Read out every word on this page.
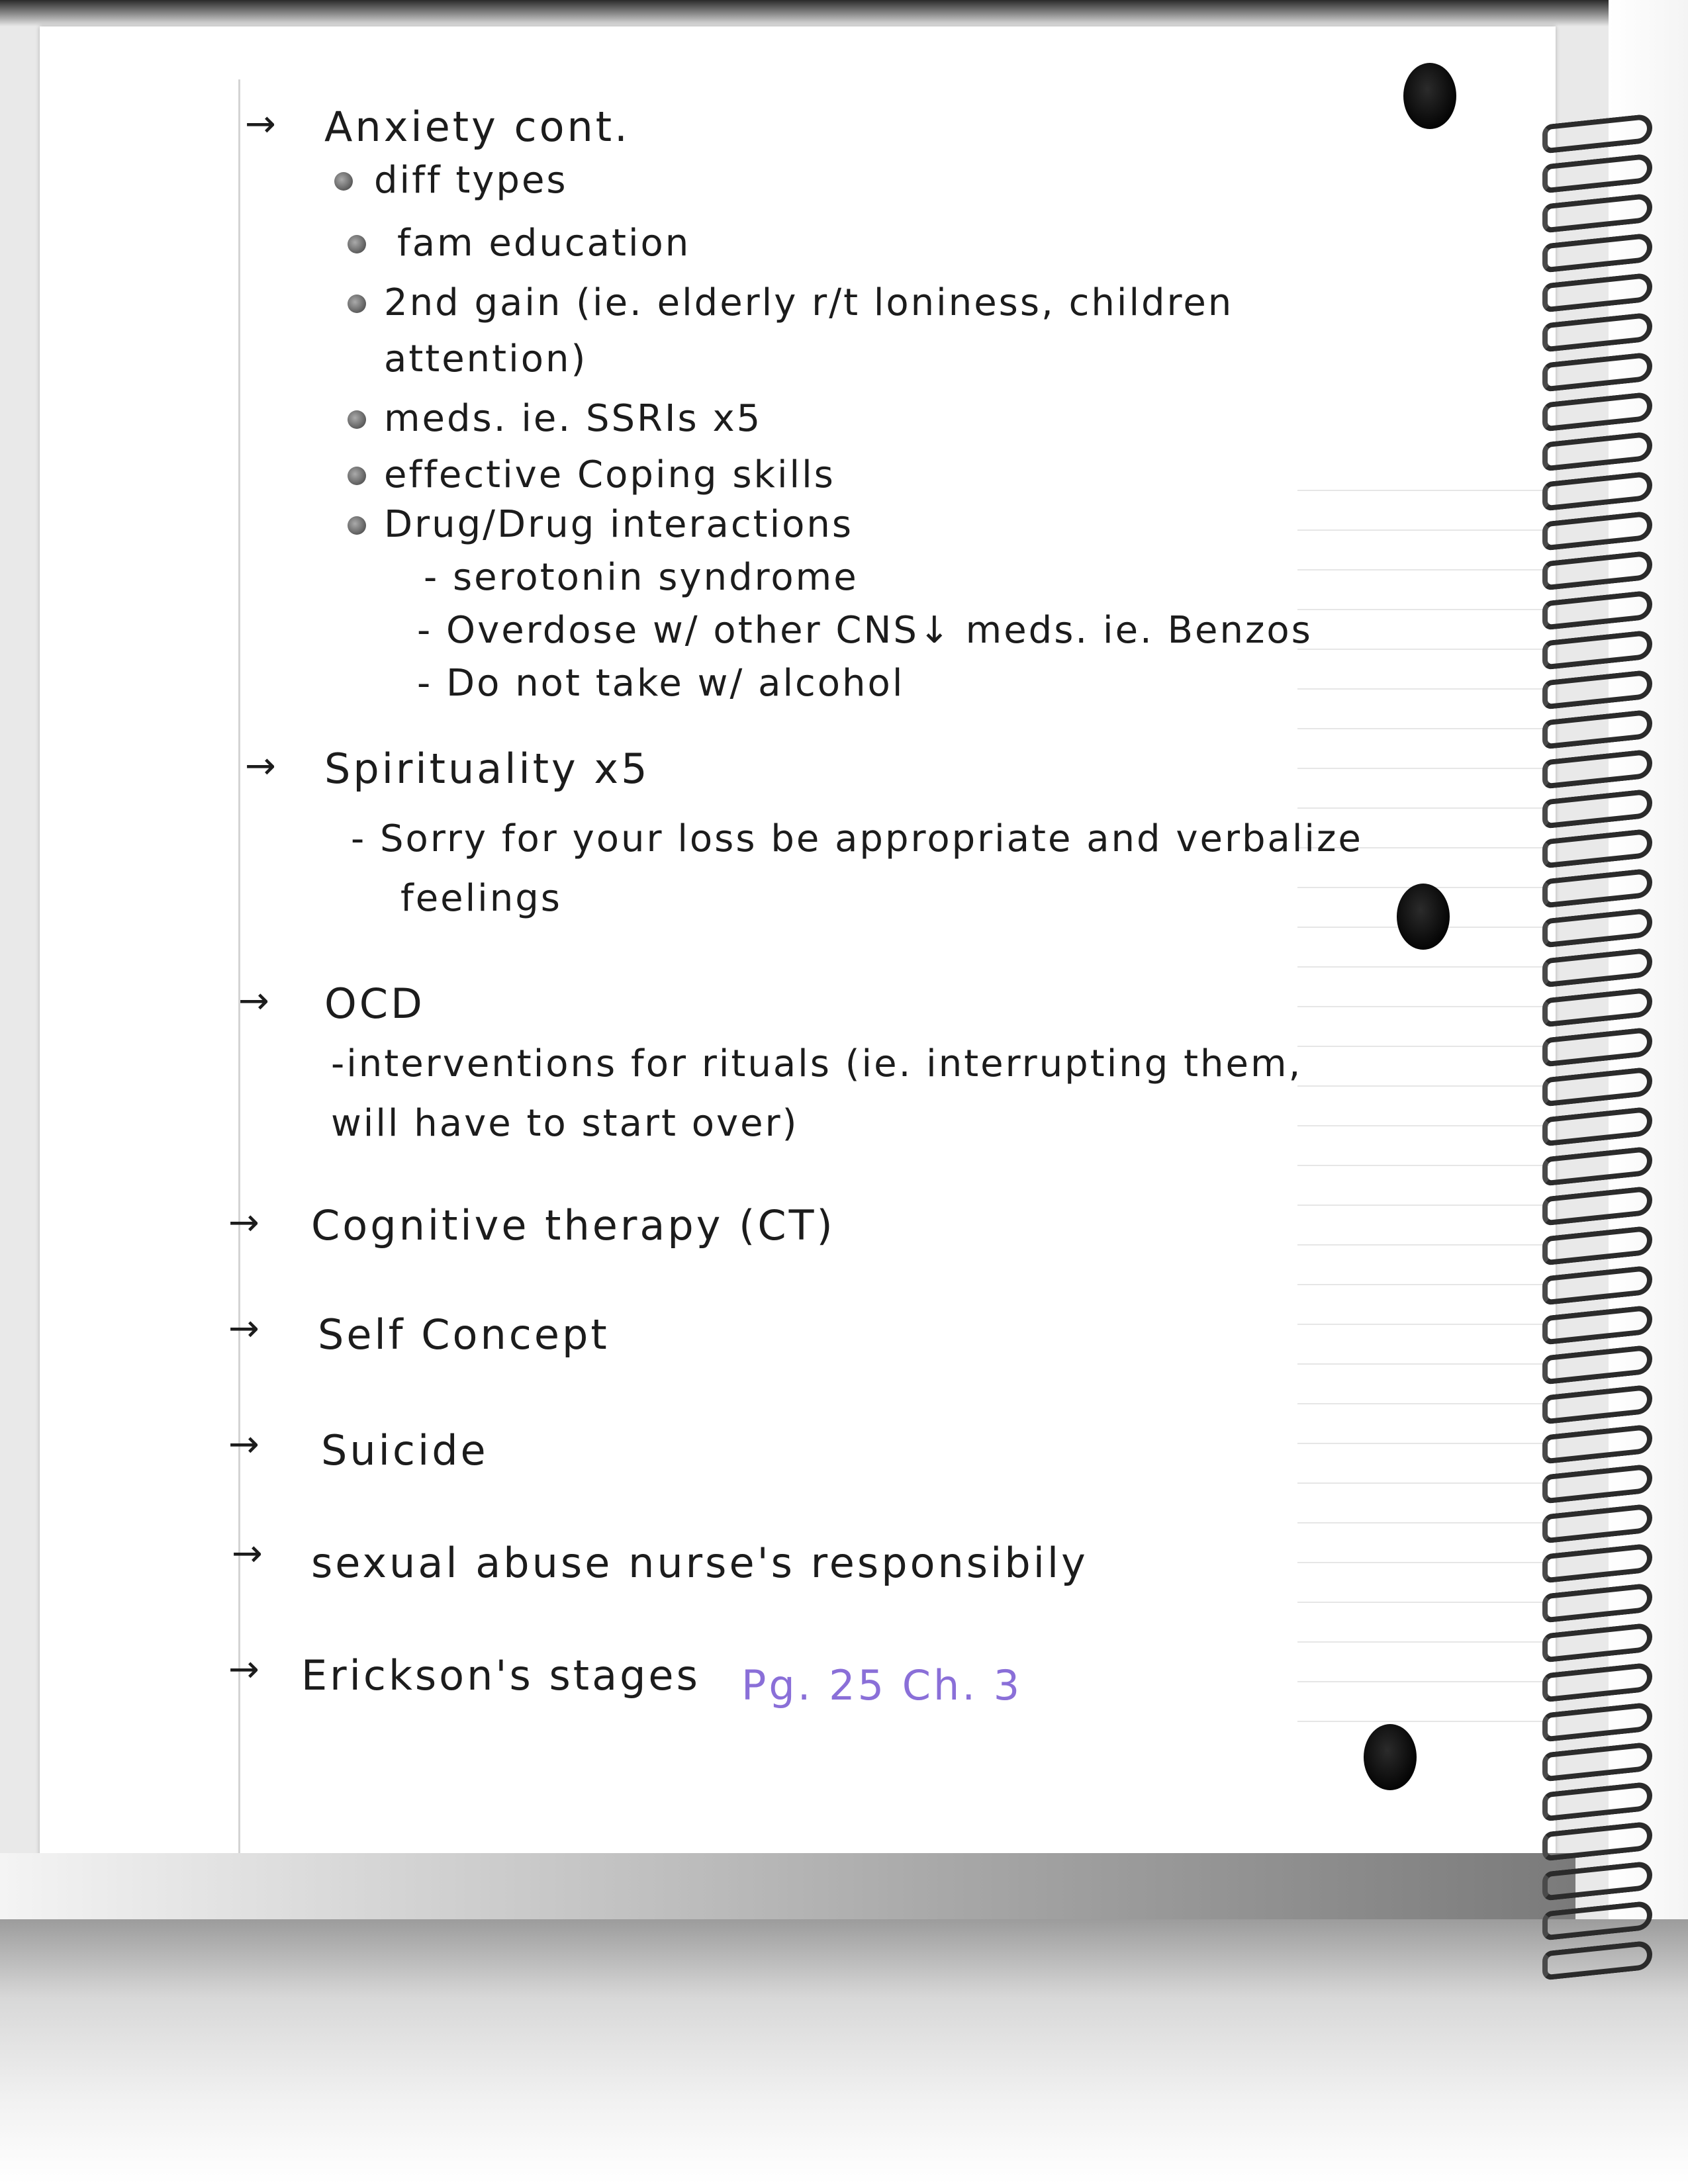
→ Anxiety cont.
diff types
fam education
2nd gain (ie. elderly r/t loniness, children
attention)
meds. ie. SSRIs x5
effective Coping skills
Drug/Drug interactions
- serotonin syndrome
- Overdose w/ other CNS↓ meds. ie. Benzos
- Do not take w/ alcohol
→ Spirituality x5
- Sorry for your loss be appropriate and verbalize
feelings
→ OCD
-interventions for rituals (ie. interrupting them,
will have to start over)
→ Cognitive therapy (CT)
→ Self Concept
→ Suicide
→ sexual abuse nurse's responsibily
→ Erickson's stages Pg. 25 Ch. 3
